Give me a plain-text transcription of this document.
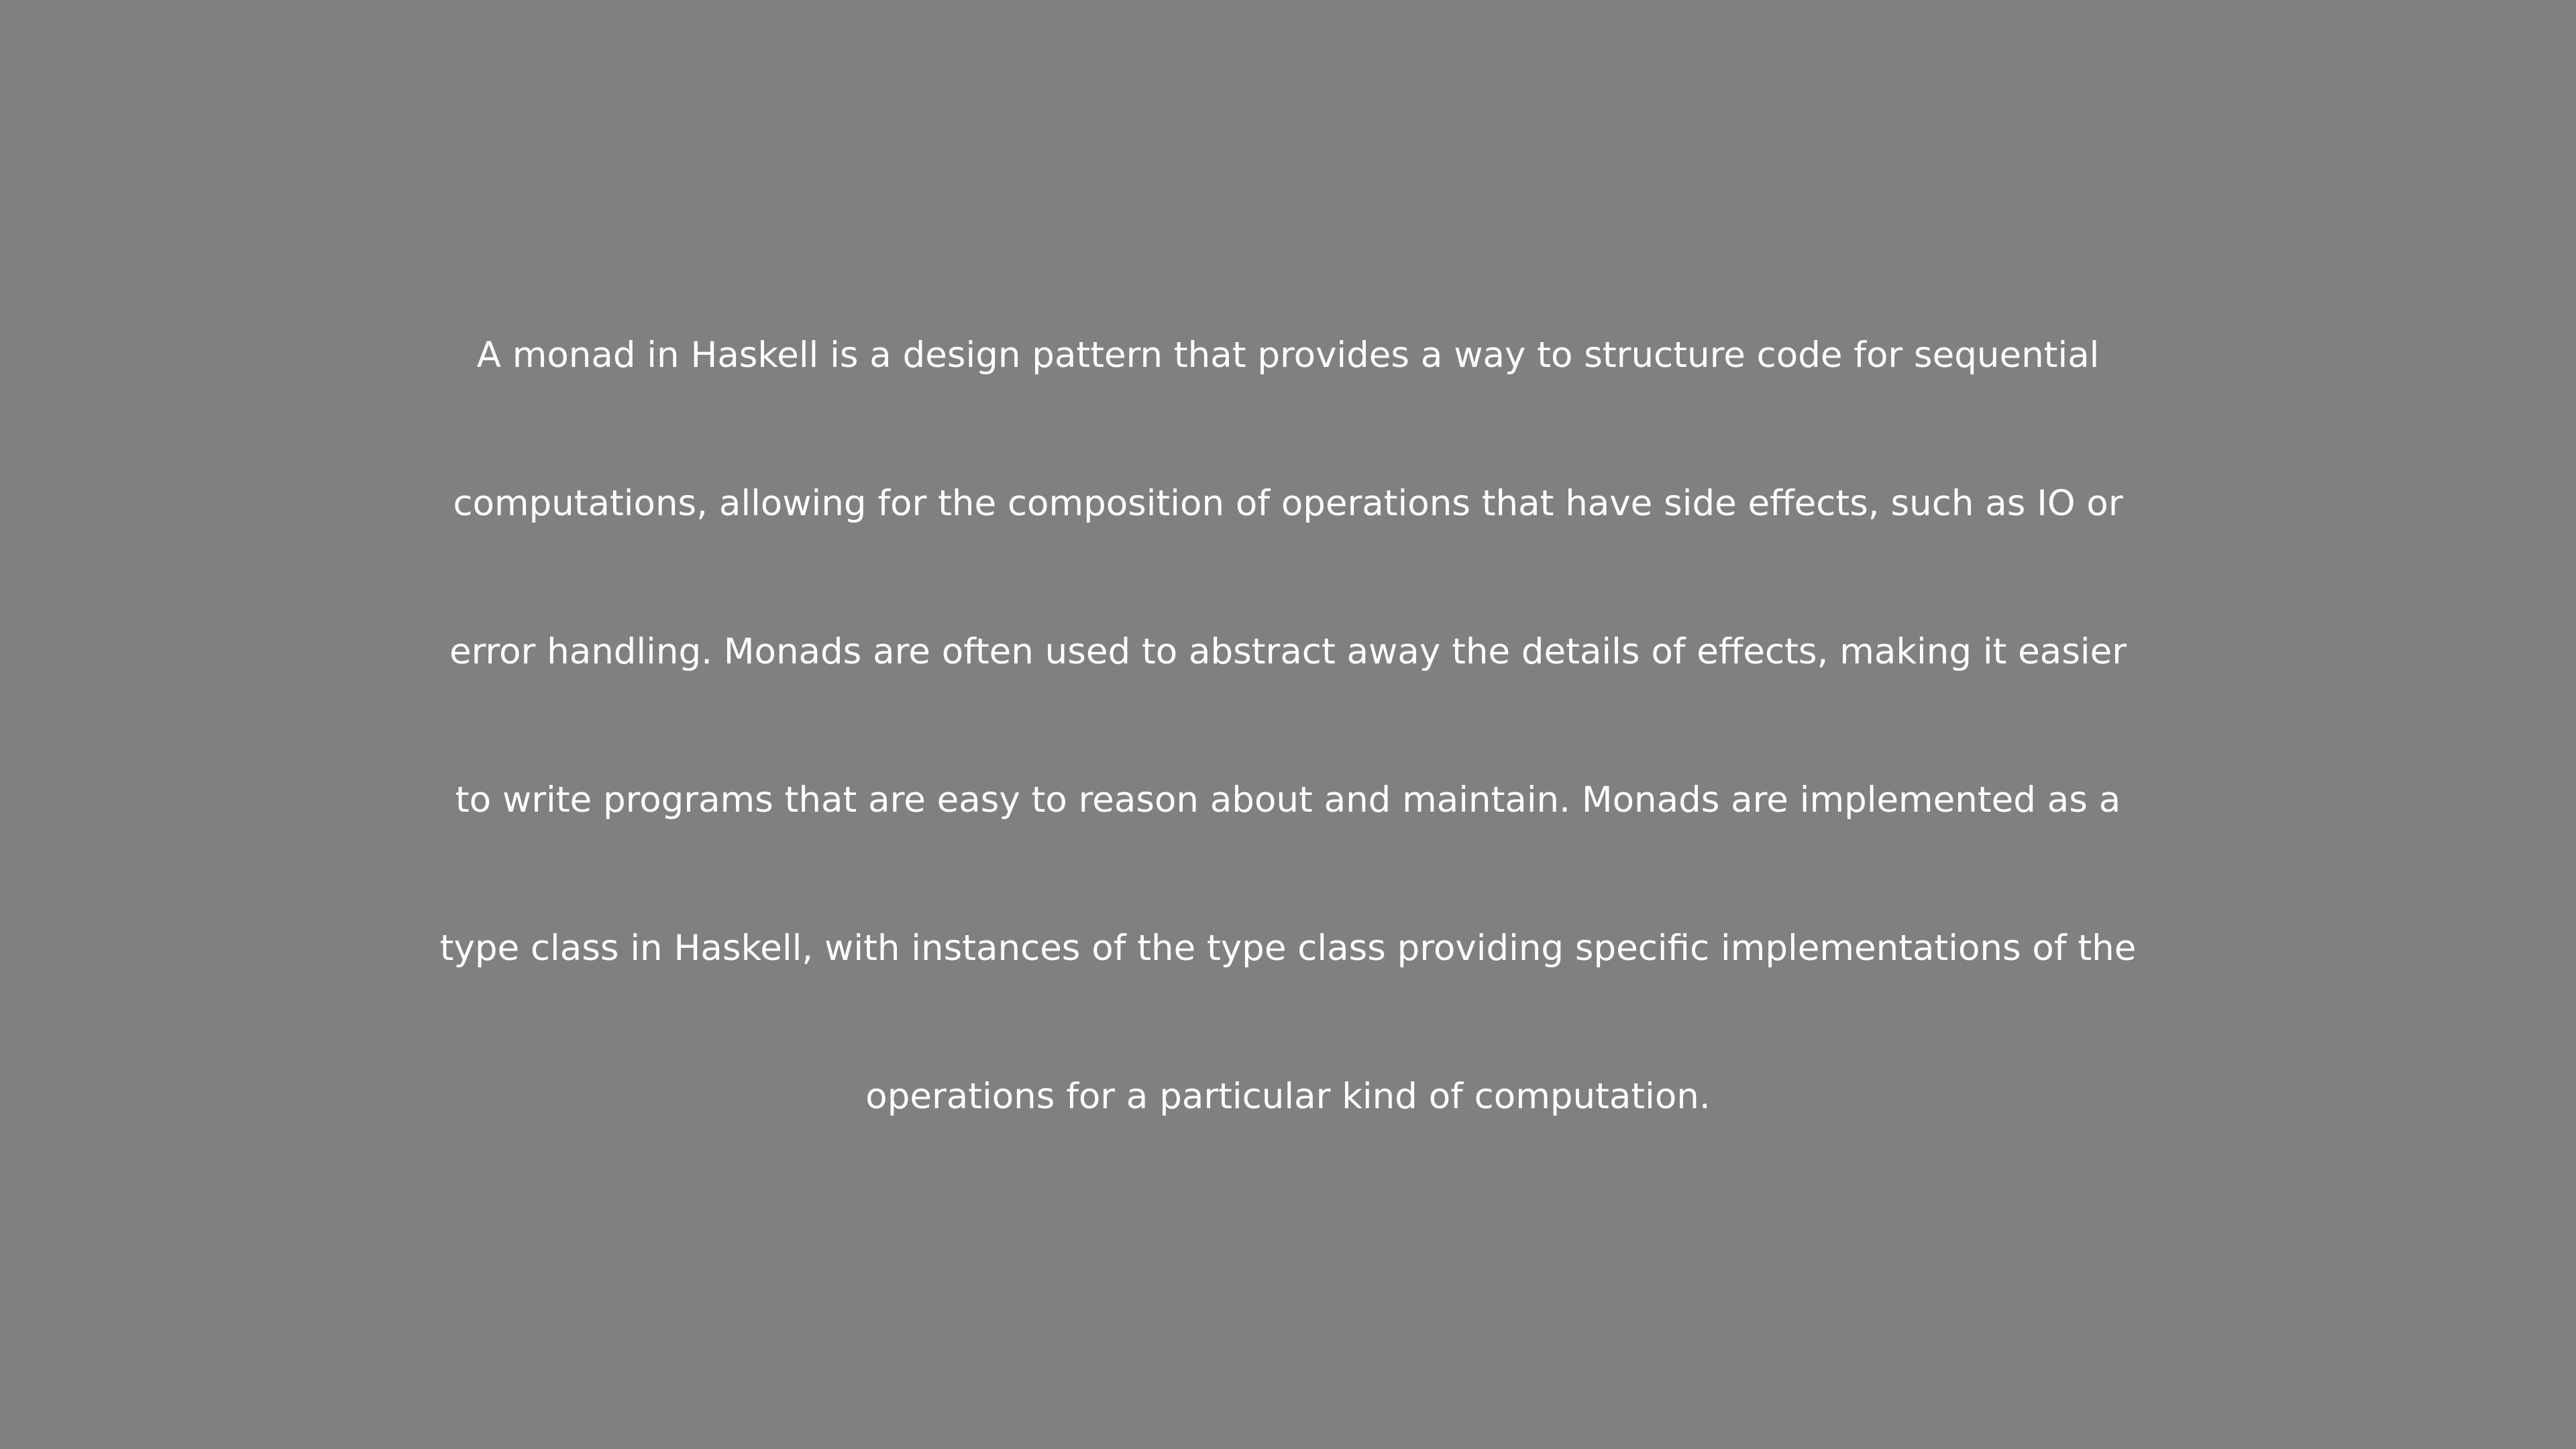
A monad in Haskell is a design pattern that provides a way to structure code for sequential
computations, allowing for the composition of operations that have side effects, such as IO or
error handling. Monads are often used to abstract away the details of effects, making it easier
to write programs that are easy to reason about and maintain. Monads are implemented as a
type class in Haskell, with instances of the type class providing specific implementations of the
operations for a particular kind of computation.
